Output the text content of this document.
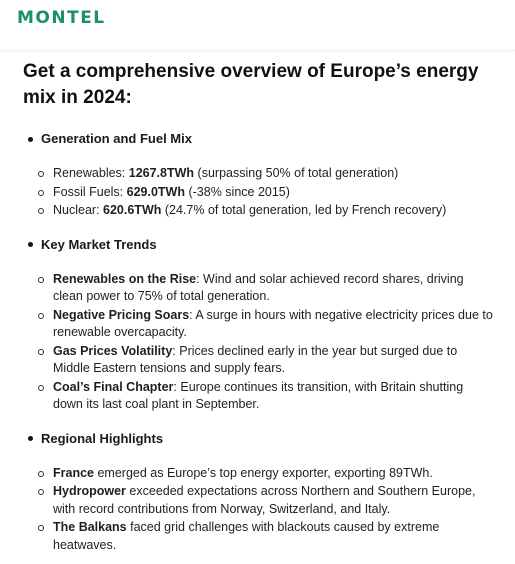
MONTEL
Get a comprehensive overview of Europe’s energy mix in 2024:
Generation and Fuel Mix
Renewables: 1267.8TWh (surpassing 50% of total generation)
Fossil Fuels: 629.0TWh (-38% since 2015)
Nuclear: 620.6TWh (24.7% of total generation, led by French recovery)
Key Market Trends
Renewables on the Rise: Wind and solar achieved record shares, driving clean power to 75% of total generation.
Negative Pricing Soars: A surge in hours with negative electricity prices due to renewable overcapacity.
Gas Prices Volatility: Prices declined early in the year but surged due to Middle Eastern tensions and supply fears.
Coal’s Final Chapter: Europe continues its transition, with Britain shutting down its last coal plant in September.
Regional Highlights
France emerged as Europe’s top energy exporter, exporting 89TWh.
Hydropower exceeded expectations across Northern and Southern Europe, with record contributions from Norway, Switzerland, and Italy.
The Balkans faced grid challenges with blackouts caused by extreme heatwaves.
